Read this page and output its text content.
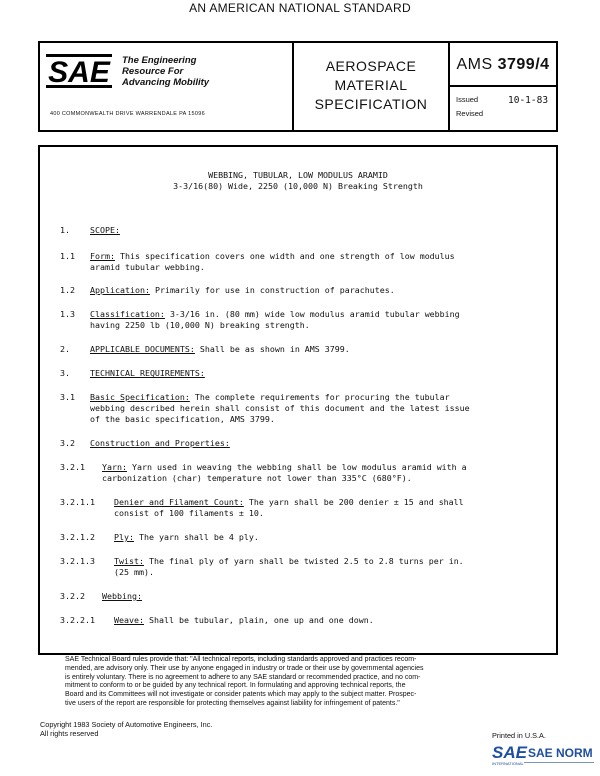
AN AMERICAN NATIONAL STANDARD
SAE The Engineering
Resource For
Advancing Mobility
400 COMMONWEALTH DRIVE WARRENDALE PA 15096
AEROSPACE
MATERIAL
SPECIFICATION
AMS 3799/4
Issued	10-1-83
Revised
WEBBING, TUBULAR, LOW MODULUS ARAMID
3-3/16(80) Wide, 2250 (10,000 N) Breaking Strength
1. SCOPE:
1.1 Form: This specification covers one width and one strength of low modulus
aramid tubular webbing.
1.2 Application: Primarily for use in construction of parachutes.
1.3 Classification: 3-3/16 in. (80 mm) wide low modulus aramid tubular webbing
having 2250 lb (10,000 N) breaking strength.
2. APPLICABLE DOCUMENTS: Shall be as shown in AMS 3799.
3. TECHNICAL REQUIREMENTS:
3.1 Basic Specification: The complete requirements for procuring the tubular
webbing described herein shall consist of this document and the latest issue
of the basic specification, AMS 3799.
3.2 Construction and Properties:
3.2.1 Yarn: Yarn used in weaving the webbing shall be low modulus aramid with a
carbonization (char) temperature not lower than 335°C (680°F).
3.2.1.1 Denier and Filament Count: The yarn shall be 200 denier ± 15 and shall
consist of 100 filaments ± 10.
3.2.1.2 Ply: The yarn shall be 4 ply.
3.2.1.3 Twist: The final ply of yarn shall be twisted 2.5 to 2.8 turns per in.
(25 mm).
3.2.2 Webbing:
3.2.2.1 Weave: Shall be tubular, plain, one up and one down.
SAE Technical Board rules provide that: "All technical reports, including standards approved and practices recom-
mended, are advisory only. Their use by anyone engaged in industry or trade or their use by governmental agencies
is entirely voluntary. There is no agreement to adhere to any SAE standard or recommended practice, and no com-
mitment to conform to or be guided by any technical report. In formulating and approving technical reports, the
Board and its Committees will not investigate or consider patents which may apply to the subject matter. Prospec-
tive users of the report are responsible for protecting themselves against liability for infringement of patents."
Copyright 1983 Society of Automotive Engineers, Inc.
All rights reserved	Printed in U.S.A.
SAE SAE NORM
INTERNATIONAL
